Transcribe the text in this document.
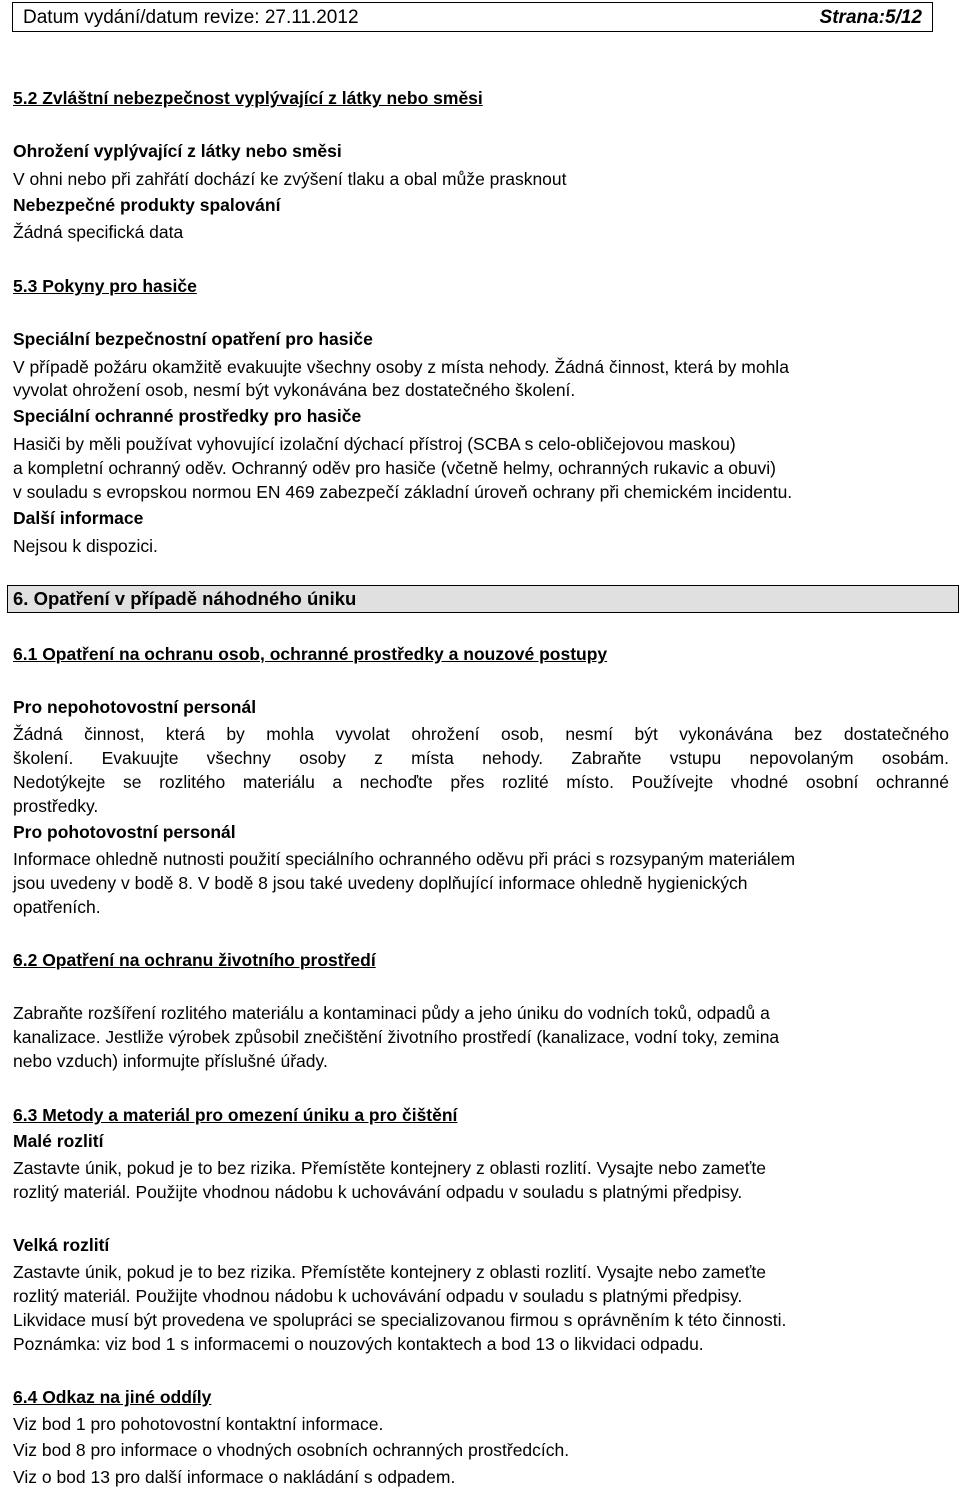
Datum vydání/datum revize: 27.11.2012	Strana:5/12
5.2 Zvláštní nebezpečnost vyplývající z látky nebo směsi
Ohrožení vyplývající z látky nebo směsi
V ohni nebo při zahřátí dochází ke zvýšení tlaku a obal může prasknout
Nebezpečné produkty spalování
Žádná specifická data
5.3 Pokyny pro hasiče
Speciální bezpečnostní opatření pro hasiče
V případě požáru okamžitě evakuujte všechny osoby z místa nehody. Žádná činnost, která by mohla
vyvolat ohrožení osob, nesmí být vykonávána bez dostatečného školení.
Speciální ochranné prostředky pro hasiče
Hasiči by měli používat vyhovující izolační dýchací přístroj (SCBA s celo-obličejovou maskou)
a kompletní ochranný oděv. Ochranný oděv pro hasiče (včetně helmy, ochranných rukavic a obuvi)
v souladu s evropskou normou EN 469 zabezpečí základní úroveň ochrany při chemickém incidentu.
Další informace
Nejsou k dispozici.
6. Opatření v případě náhodného úniku
6.1 Opatření na ochranu osob, ochranné prostředky a nouzové postupy
Pro nepohotovostní personál
Žádná činnost, která by mohla vyvolat ohrožení osob, nesmí být vykonávána bez dostatečného
školení. Evakuujte všechny osoby z místa nehody. Zabraňte vstupu nepovolaným osobám.
Nedotýkejte se rozlitého materiálu a nechoďte přes rozlité místo. Používejte vhodné osobní ochranné
prostředky.
Pro pohotovostní personál
Informace ohledně nutnosti použití speciálního ochranného oděvu při práci s rozsypaným materiálem
jsou uvedeny v bodě 8. V bodě 8 jsou také uvedeny doplňující informace ohledně hygienických
opatřeních.
6.2 Opatření na ochranu životního prostředí
Zabraňte rozšíření rozlitého materiálu a kontaminaci půdy a jeho úniku do vodních toků, odpadů a
kanalizace. Jestliže výrobek způsobil znečištění životního prostředí (kanalizace, vodní toky, zemina
nebo vzduch) informujte příslušné úřady.
6.3 Metody a materiál pro omezení úniku a pro čištění
Malé rozlití
Zastavte únik, pokud je to bez rizika. Přemístěte kontejnery z oblasti rozlití. Vysajte nebo zameťte
rozlitý materiál. Použijte vhodnou nádobu k uchovávání odpadu v souladu s platnými předpisy.
Velká rozlití
Zastavte únik, pokud je to bez rizika. Přemístěte kontejnery z oblasti rozlití. Vysajte nebo zameťte
rozlitý materiál. Použijte vhodnou nádobu k uchovávání odpadu v souladu s platnými předpisy.
Likvidace musí být provedena ve spolupráci se specializovanou firmou s oprávněním k této činnosti.
Poznámka: viz bod 1 s informacemi o nouzových kontaktech a bod 13 o likvidaci odpadu.
6.4 Odkaz na jiné oddíly
Viz bod 1 pro pohotovostní kontaktní informace.
Viz bod 8 pro informace o vhodných osobních ochranných prostředcích.
Viz o bod 13 pro další informace o nakládání s odpadem.
